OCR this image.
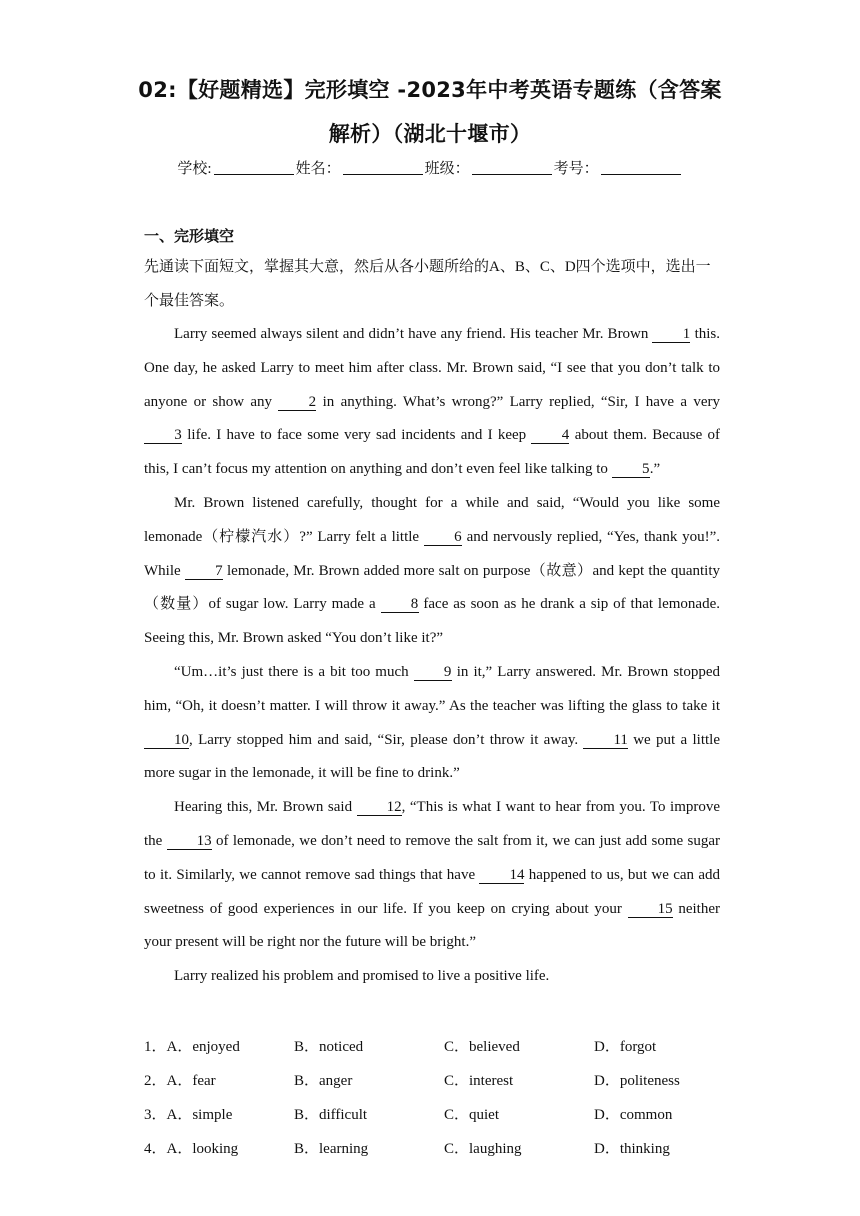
02:【好题精选】完形填空 -2023年中考英语专题练（含答案
解析）（湖北十堰市）
学校:	姓名：	班级：	考号：
一、完形填空

先通读下面短文，掌握其大意，然后从各小题所给的A、B、C、D四个选项中，选出一个最佳答案。

Larry seemed always silent and didn’t have any friend. His teacher Mr. Brown 1 this. One day, he asked Larry to meet him after class. Mr. Brown said, “I see that you don’t talk to anyone or show any 2 in anything. What’s wrong?” Larry replied, “Sir, I have a very 3 life. I have to face some very sad incidents and I keep 4 about them. Because of this, I can’t focus my attention on anything and don’t even feel like talking to 5.”

Mr. Brown listened carefully, thought for a while and said, “Would you like some lemonade（柠檬汽水）?” Larry felt a little 6 and nervously replied, “Yes, thank you!”. While 7 lemonade, Mr. Brown added more salt on purpose（故意）and kept the quantity（数量）of sugar low. Larry made a 8 face as soon as he drank a sip of that lemonade. Seeing this, Mr. Brown asked “You don’t like it?”

“Um…it’s just there is a bit too much 9 in it,” Larry answered. Mr. Brown stopped him, “Oh, it doesn’t matter. I will throw it away.” As the teacher was lifting the glass to take it 10, Larry stopped him and said, “Sir, please don’t throw it away. 11 we put a little more sugar in the lemonade, it will be fine to drink.”

Hearing this, Mr. Brown said 12, “This is what I want to hear from you. To improve the 13 of lemonade, we don’t need to remove the salt from it, we can just add some sugar to it. Similarly, we cannot remove sad things that have 14 happened to us, but we can add sweetness of good experiences in our life. If you keep on crying about your 15 neither your present will be right nor the future will be bright.”

Larry realized his problem and promised to live a positive life.

1．A．enjoyed	B．noticed	C．believed	D．forgot
2．A．fear	B．anger	C．interest	D．politeness
3．A．simple	B．difficult	C．quiet	D．common
4．A．looking	B．learning	C．laughing	D．thinking
